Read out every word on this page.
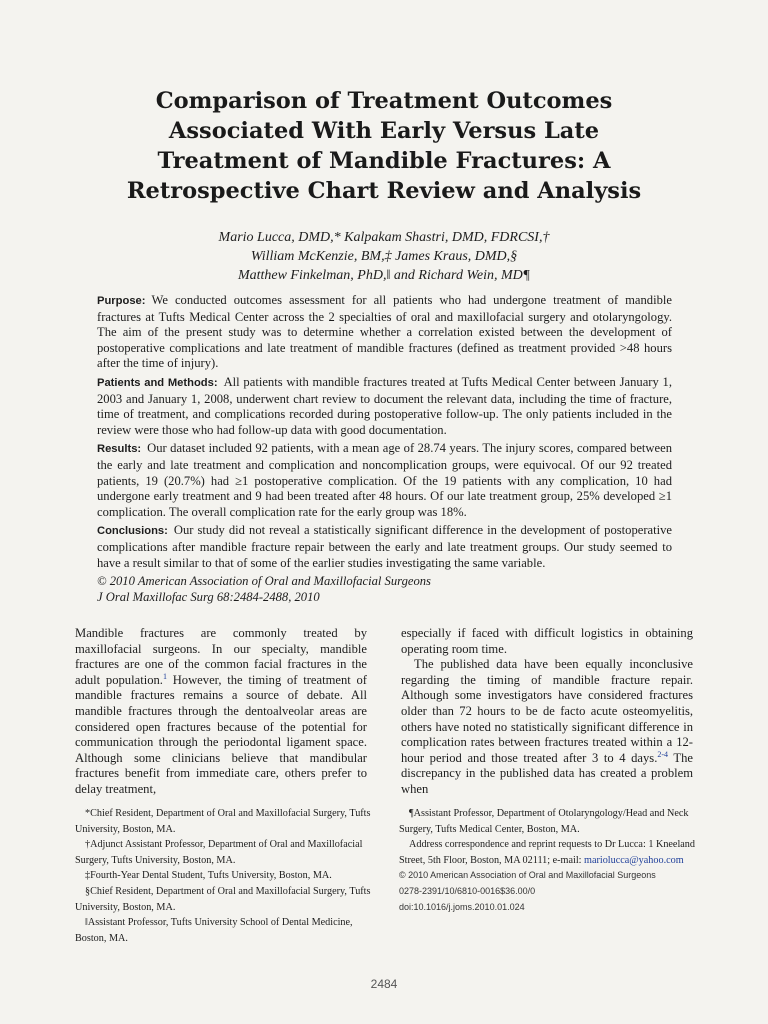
Comparison of Treatment Outcomes
Associated With Early Versus Late
Treatment of Mandible Fractures: A
Retrospective Chart Review and Analysis

Mario Lucca, DMD,* Kalpakam Shastri, DMD, FDRCSI,†
William McKenzie, BM,‡ James Kraus, DMD,§
Matthew Finkelman, PhD,‖ and Richard Wein, MD¶

Purpose: We conducted outcomes assessment for all patients who had undergone treatment of mandible fractures at Tufts Medical Center across the 2 specialties of oral and maxillofacial surgery and otolaryngology. The aim of the present study was to determine whether a correlation existed between the development of postoperative complications and late treatment of mandible fractures (defined as treatment provided >48 hours after the time of injury).

Patients and Methods: All patients with mandible fractures treated at Tufts Medical Center between January 1, 2003 and January 1, 2008, underwent chart review to document the relevant data, including the time of fracture, time of treatment, and complications recorded during postoperative follow-up. The only patients included in the review were those who had follow-up data with good documentation.

Results: Our dataset included 92 patients, with a mean age of 28.74 years. The injury scores, compared between the early and late treatment and complication and noncomplication groups, were equivocal. Of our 92 treated patients, 19 (20.7%) had ≥1 postoperative complication. Of the 19 patients with any complication, 10 had undergone early treatment and 9 had been treated after 48 hours. Of our late treatment group, 25% developed ≥1 complication. The overall complication rate for the early group was 18%.

Conclusions: Our study did not reveal a statistically significant difference in the development of postoperative complications after mandible fracture repair between the early and late treatment groups. Our study seemed to have a result similar to that of some of the earlier studies investigating the same variable.

© 2010 American Association of Oral and Maxillofacial Surgeons

J Oral Maxillofac Surg 68:2484-2488, 2010

Mandible fractures are commonly treated by maxillofacial surgeons. In our specialty, mandible fractures are one of the common facial fractures in the adult population.$^1$ However, the timing of treatment of mandible fractures remains a source of debate. All mandible fractures through the dentoalveolar areas are considered open fractures because of the potential for communication through the periodontal ligament space. Although some clinicians believe that mandibular fractures benefit from immediate care, others prefer to delay treatment,

especially if faced with difficult logistics in obtaining operating room time.

The published data have been equally inconclusive regarding the timing of mandible fracture repair. Although some investigators have considered fractures older than 72 hours to be de facto acute osteomyelitis, others have noted no statistically significant difference in complication rates between fractures treated within a 12-hour period and those treated after 3 to 4 days.$^{2-4}$ The discrepancy in the published data has created a problem when

*Chief Resident, Department of Oral and Maxillofacial Surgery, Tufts University, Boston, MA.

†Adjunct Assistant Professor, Department of Oral and Maxillofacial Surgery, Tufts University, Boston, MA.

‡Fourth-Year Dental Student, Tufts University, Boston, MA.

§Chief Resident, Department of Oral and Maxillofacial Surgery, Tufts University, Boston, MA.

‖Assistant Professor, Tufts University School of Dental Medicine, Boston, MA.

¶Assistant Professor, Department of Otolaryngology/Head and Neck Surgery, Tufts Medical Center, Boston, MA.

Address correspondence and reprint requests to Dr Lucca: 1 Kneeland Street, 5th Floor, Boston, MA 02111; e-mail: mariolucca@yahoo.com

© 2010 American Association of Oral and Maxillofacial Surgeons

0278-2391/10/6810-0016$36.00/0

doi:10.1016/j.joms.2010.01.024

2484
